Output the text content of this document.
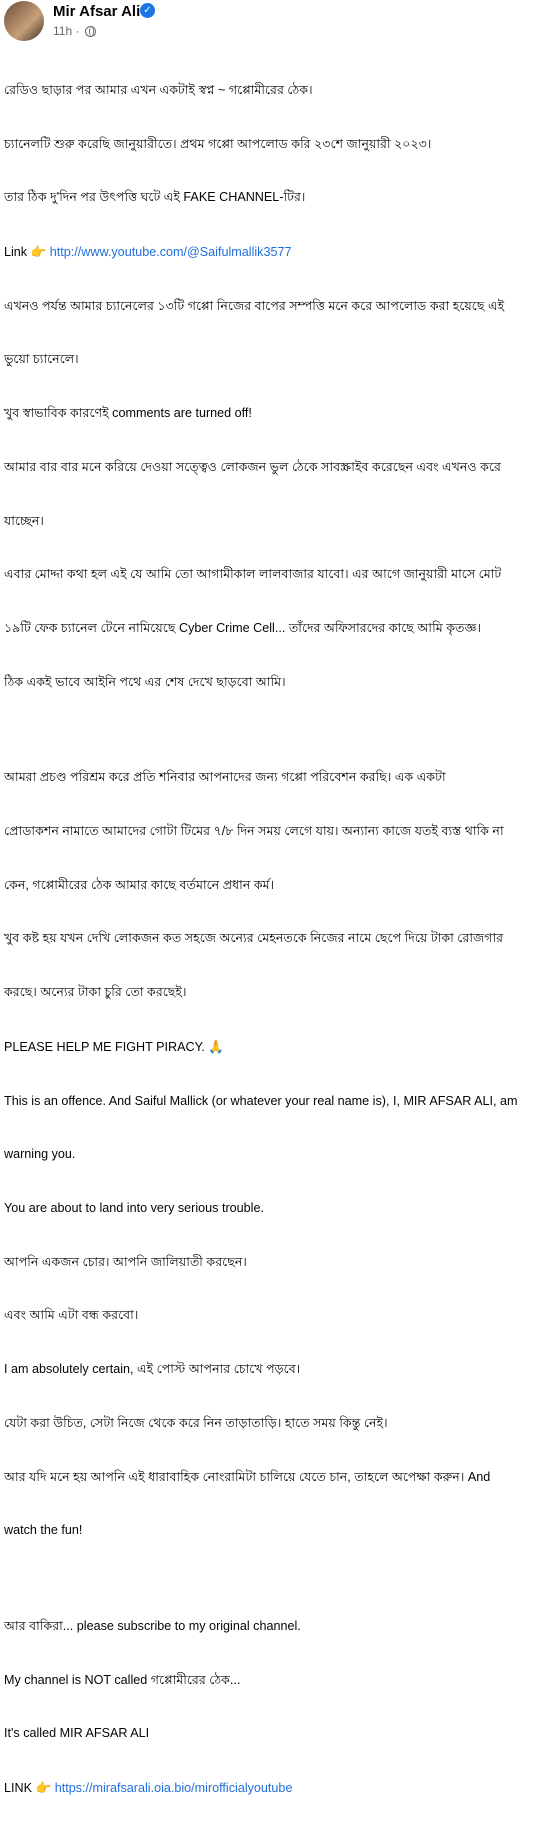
Mir Afsar Ali ✓
11h ·

রেডিও ছাড়ার পর আমার এখন একটাই স্বপ্ন ~ গপ্পোমীরের ঠেক।

চ্যানেলটি শুরু করেছি জানুয়ারীতে। প্রথম গপ্পো আপলোড করি ২৩শে জানুয়ারী ২০২৩।

তার ঠিক দু'দিন পর উৎপত্তি ঘটে এই FAKE CHANNEL-টির।

Link 👉 http://www.youtube.com/@Saifulmallik3577

এখনও পর্যন্ত আমার চ্যানেলের ১৩টি গপ্পো নিজের বাপের সম্পত্তি মনে করে আপলোড করা হয়েছে এই

ভুয়ো চ্যানেলে।

খুব স্বাভাবিক কারণেই comments are turned off!

আমার বার বার মনে করিয়ে দেওয়া সত্ত্বেও লোকজন ভুল ঠেকে সাবস্ক্রাইব করেছেন এবং এখনও করে

যাচ্ছেন।

এবার মোদ্দা কথা হল এই যে আমি তো আগামীকাল লালবাজার যাবো। এর আগে জানুয়ারী মাসে মোট

১৯টি ফেক চ্যানেল টেনে নামিয়েছে Cyber Crime Cell... তাঁদের অফিসারদের কাছে আমি কৃতজ্ঞ।

ঠিক একই ভাবে আইনি পথে এর শেষ দেখে ছাড়বো আমি।

আমরা প্রচণ্ড পরিশ্রম করে প্রতি শনিবার আপনাদের জন্য গপ্পো পরিবেশন করছি। এক একটা

প্রোডাকশন নামাতে আমাদের গোটা টিমের ৭/৮ দিন সময় লেগে যায়। অন্যান্য কাজে যতই ব্যস্ত থাকি না

কেন, গপ্পোমীরের ঠেক আমার কাছে বর্তমানে প্রধান কর্ম।

খুব কষ্ট হয় যখন দেখি লোকজন কত সহজে অন্যের মেহনতকে নিজের নামে ছেপে দিয়ে টাকা রোজগার

করছে। অন্যের টাকা চুরি তো করছেই।

PLEASE HELP ME FIGHT PIRACY. 🙏

This is an offence. And Saiful Mallick (or whatever your real name is), I, MIR AFSAR ALI, am

warning you.

You are about to land into very serious trouble.

আপনি একজন চোর। আপনি জালিয়াতী করছেন।

এবং আমি এটা বন্ধ করবো।

I am absolutely certain, এই পোস্ট আপনার চোখে পড়বে।

যেটা করা উচিত, সেটা নিজে থেকে করে নিন তাড়াতাড়ি। হাতে সময় কিন্তু নেই।

আর যদি মনে হয় আপনি এই ধারাবাহিক নোংরামিটা চালিয়ে যেতে চান, তাহলে অপেক্ষা করুন। And

watch the fun!

আর বাকিরা... please subscribe to my original channel.

My channel is NOT called গপ্পোমীরের ঠেক...

It's called MIR AFSAR ALI

LINK 👉 https://mirafsarali.oia.bio/mirofficialyoutube
